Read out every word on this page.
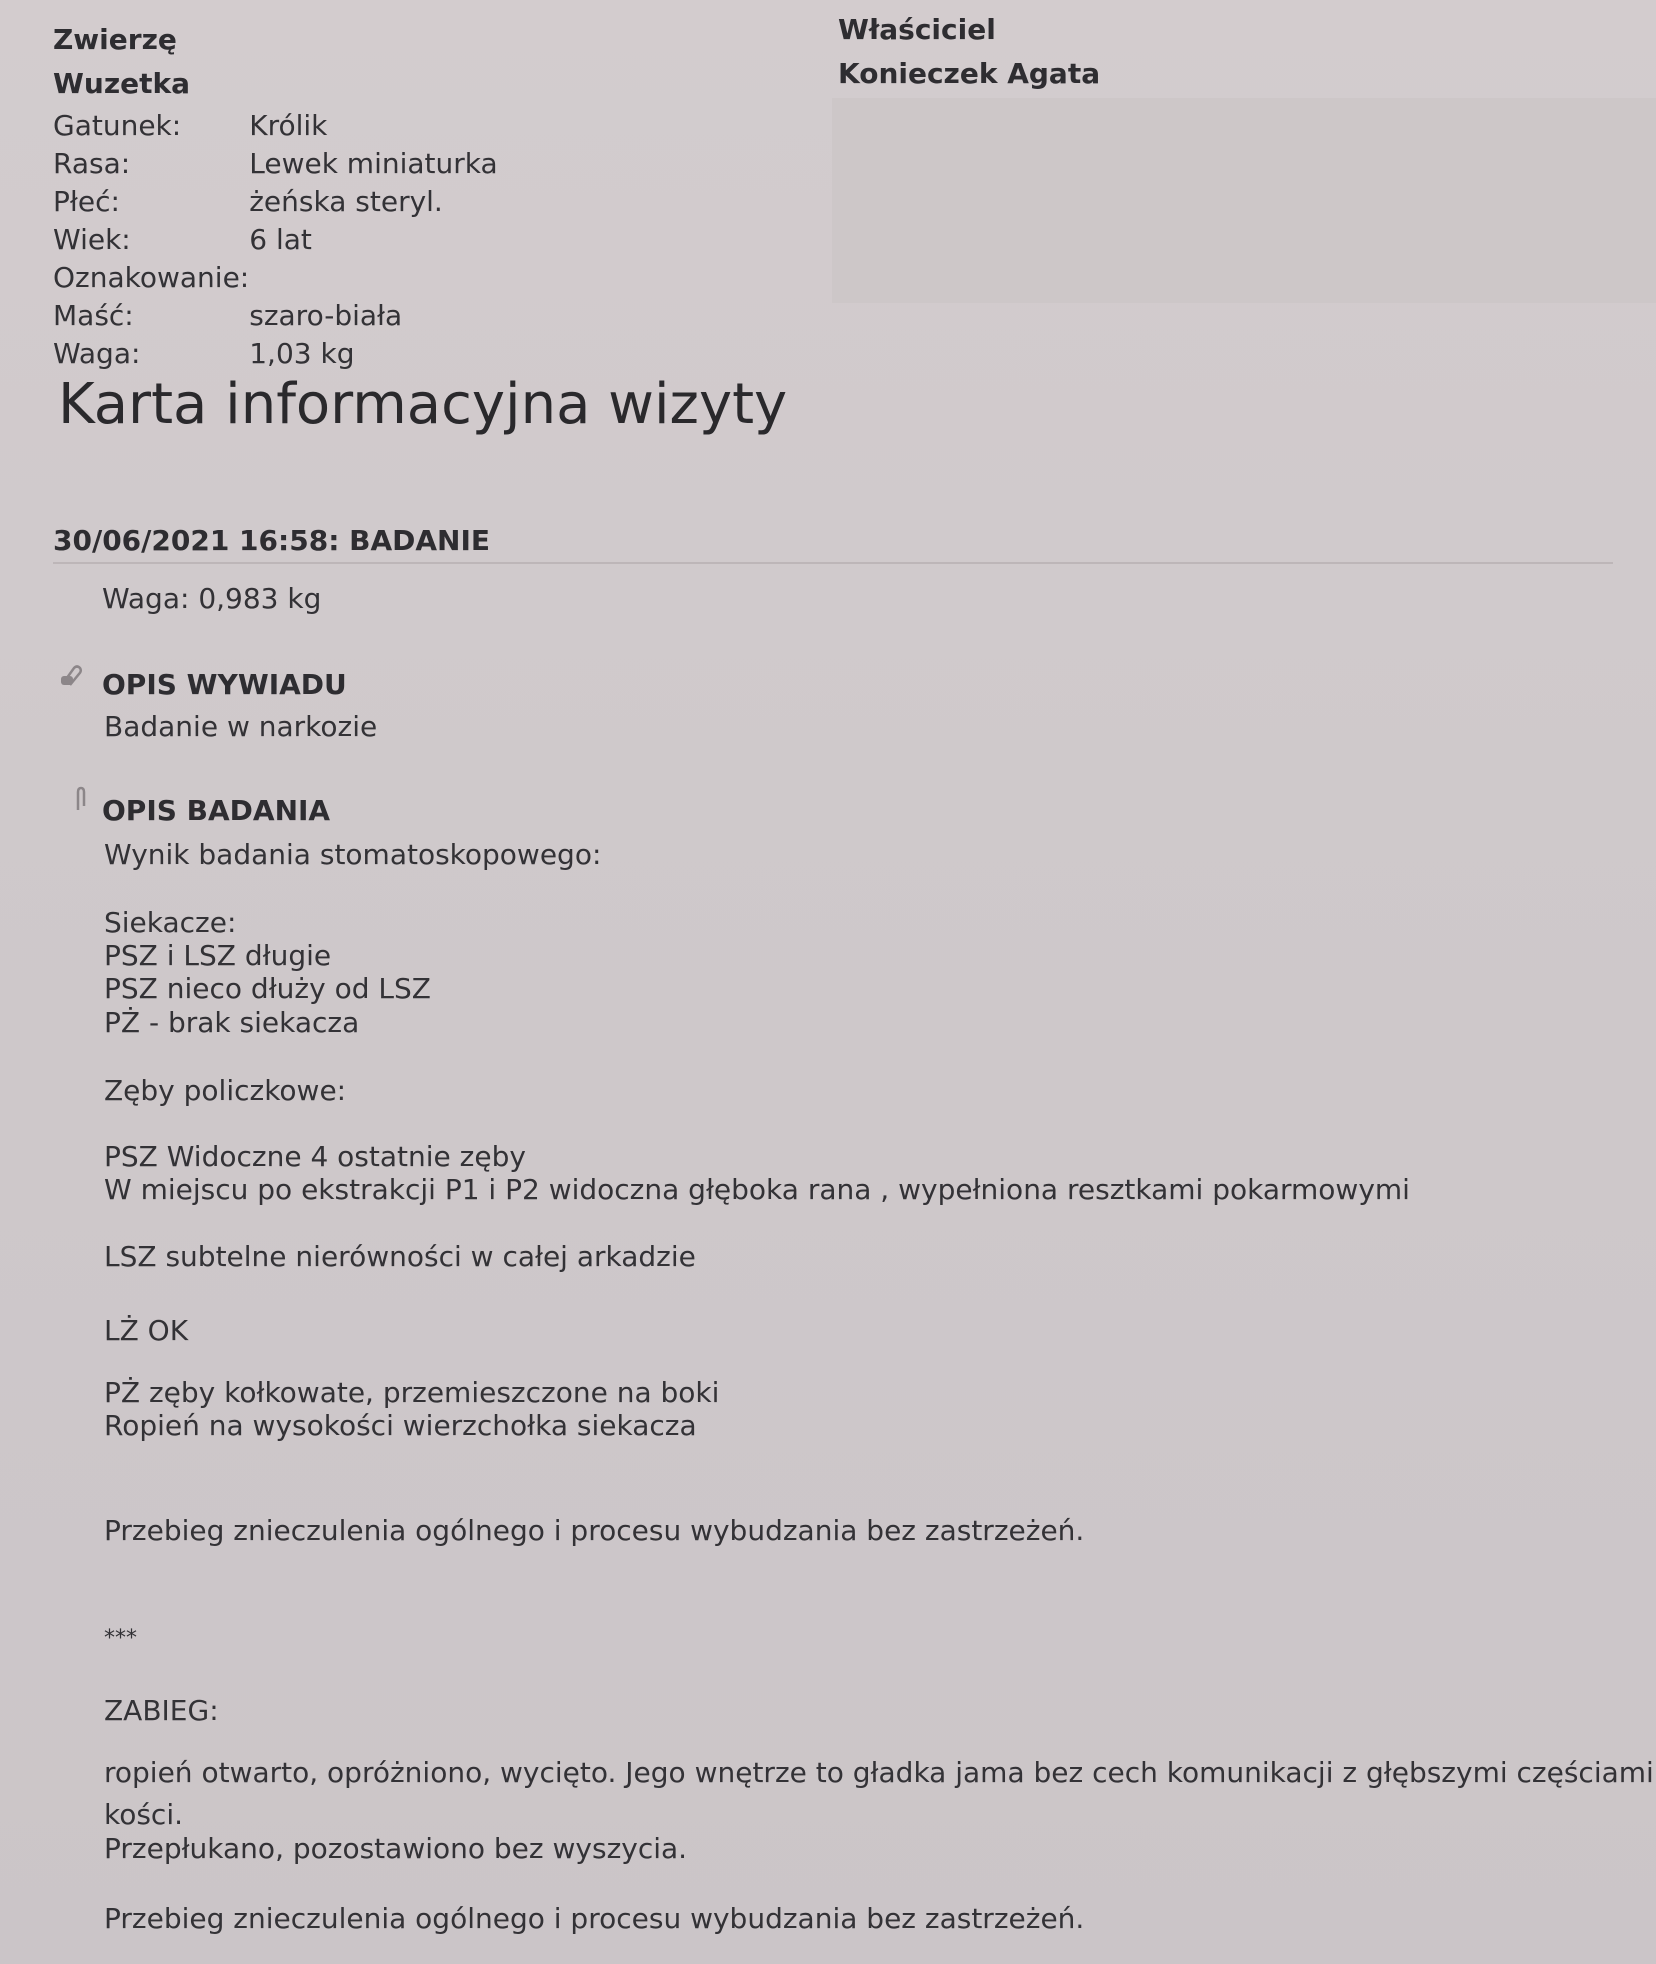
Zwierzę
Wuzetka
Gatunek:	Królik
Rasa:	Lewek miniaturka
Płeć:	żeńska steryl.
Wiek:	6 lat
Oznakowanie:	
Maść:	szaro-biała
Waga:	1,03 kg
Właściciel
Konieczek Agata
Karta informacyjna wizyty
30/06/2021 16:58: BADANIE
Waga: 0,983 kg
OPIS WYWIADU
Badanie w narkozie
OPIS BADANIA
Wynik badania stomatoskopowego:
Siekacze:
PSZ i LSZ długie
PSZ nieco dłuży od LSZ
PŻ - brak siekacza
Zęby policzkowe:
PSZ Widoczne 4 ostatnie zęby
W miejscu po ekstrakcji P1 i P2 widoczna głęboka rana , wypełniona resztkami pokarmowymi
LSZ subtelne nierówności w całej arkadzie
LŻ OK
PŻ zęby kołkowate, przemieszczone na boki
Ropień na wysokości wierzchołka siekacza
Przebieg znieczulenia ogólnego i procesu wybudzania bez zastrzeżeń.
***
ZABIEG:
ropień otwarto, opróżniono, wycięto. Jego wnętrze to gładka jama bez cech komunikacji z głębszymi częściami
kości.
Przepłukano, pozostawiono bez wyszycia.
Przebieg znieczulenia ogólnego i procesu wybudzania bez zastrzeżeń.
